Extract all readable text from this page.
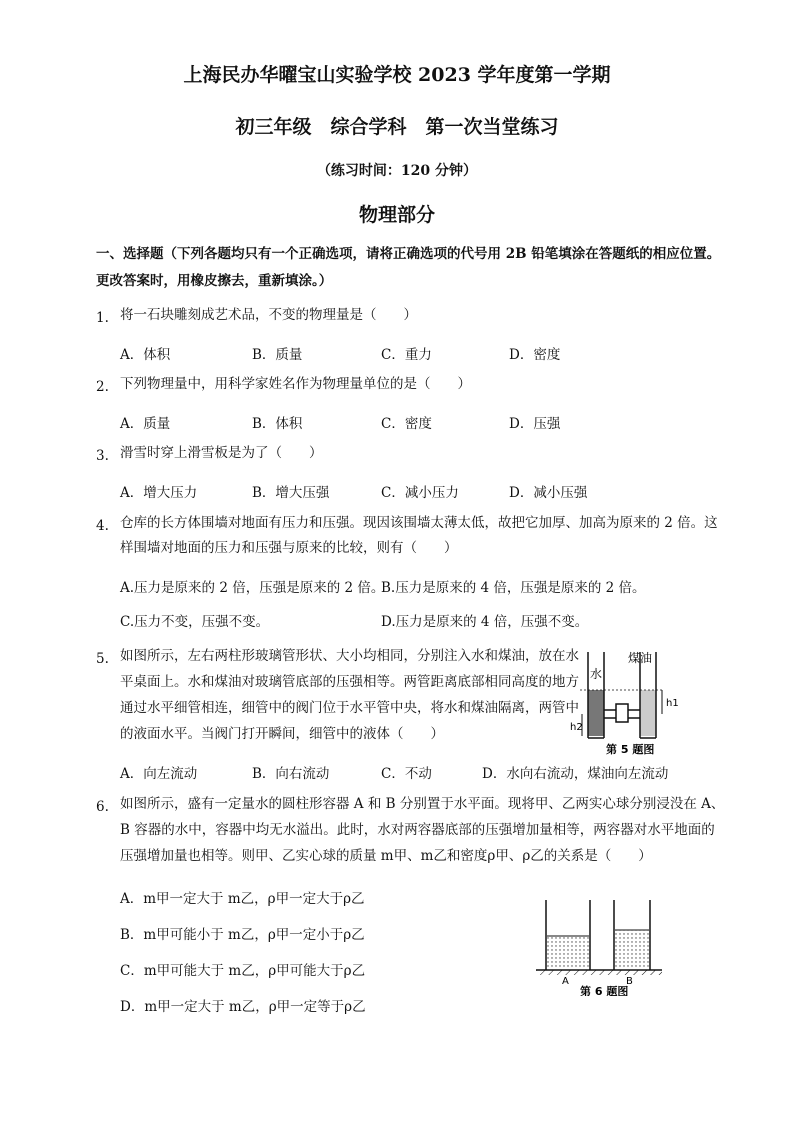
上海民办华曜宝山实验学校 2023 学年度第一学期
初三年级　综合学科　第一次当堂练习
（练习时间：120 分钟）
物理部分
一、选择题（下列各题均只有一个正确选项，请将正确选项的代号用 2B 铅笔填涂在答题纸的相应位置。
更改答案时，用橡皮擦去，重新填涂。）
1. 将一石块雕刻成艺术品，不变的物理量是（　　）
A．体积	B．质量	C．重力	D．密度
2. 下列物理量中，用科学家姓名作为物理量单位的是（　　）
A．质量	B．体积	C．密度	D．压强
3. 滑雪时穿上滑雪板是为了（　　）
A．增大压力	B．增大压强	C．减小压力	D．减小压强
4. 仓库的长方体围墙对地面有压力和压强。现因该围墙太薄太低，故把它加厚、加高为原来的 2 倍。这
样围墙对地面的压力和压强与原来的比较，则有（　　）
A.压力是原来的 2 倍，压强是原来的 2 倍。
B.压力是原来的 4 倍，压强是原来的 2 倍。
C.压力不变，压强不变。	D.压力是原来的 4 倍，压强不变。
5. 如图所示，左右两柱形玻璃管形状、大小均相同，分别注入水和煤油，放在水
平桌面上。水和煤油对玻璃管底部的压强相等。两管距离底部相同高度的地方
通过水平细管相连，细管中的阀门位于水平管中央，将水和煤油隔离，两管中
的液面水平。当阀门打开瞬间，细管中的液体（　　）
A．向左流动	B．向右流动	C．不动	D．水向右流动，煤油向左流动
水
煤油
h2
h1
第 5 题图
6. 如图所示，盛有一定量水的圆柱形容器 A 和 B 分别置于水平面。现将甲、乙两实心球分别浸没在 A、
B 容器的水中，容器中均无水溢出。此时，水对两容器底部的压强增加量相等，两容器对水平地面的
压强增加量也相等。则甲、乙实心球的质量 m甲、m乙和密度ρ甲、ρ乙的关系是（　　）
A．m甲一定大于 m乙，ρ甲一定大于ρ乙
B．m甲可能小于 m乙，ρ甲一定小于ρ乙
C．m甲可能大于 m乙，ρ甲可能大于ρ乙
D．m甲一定大于 m乙，ρ甲一定等于ρ乙
A	B
第 6 题图
